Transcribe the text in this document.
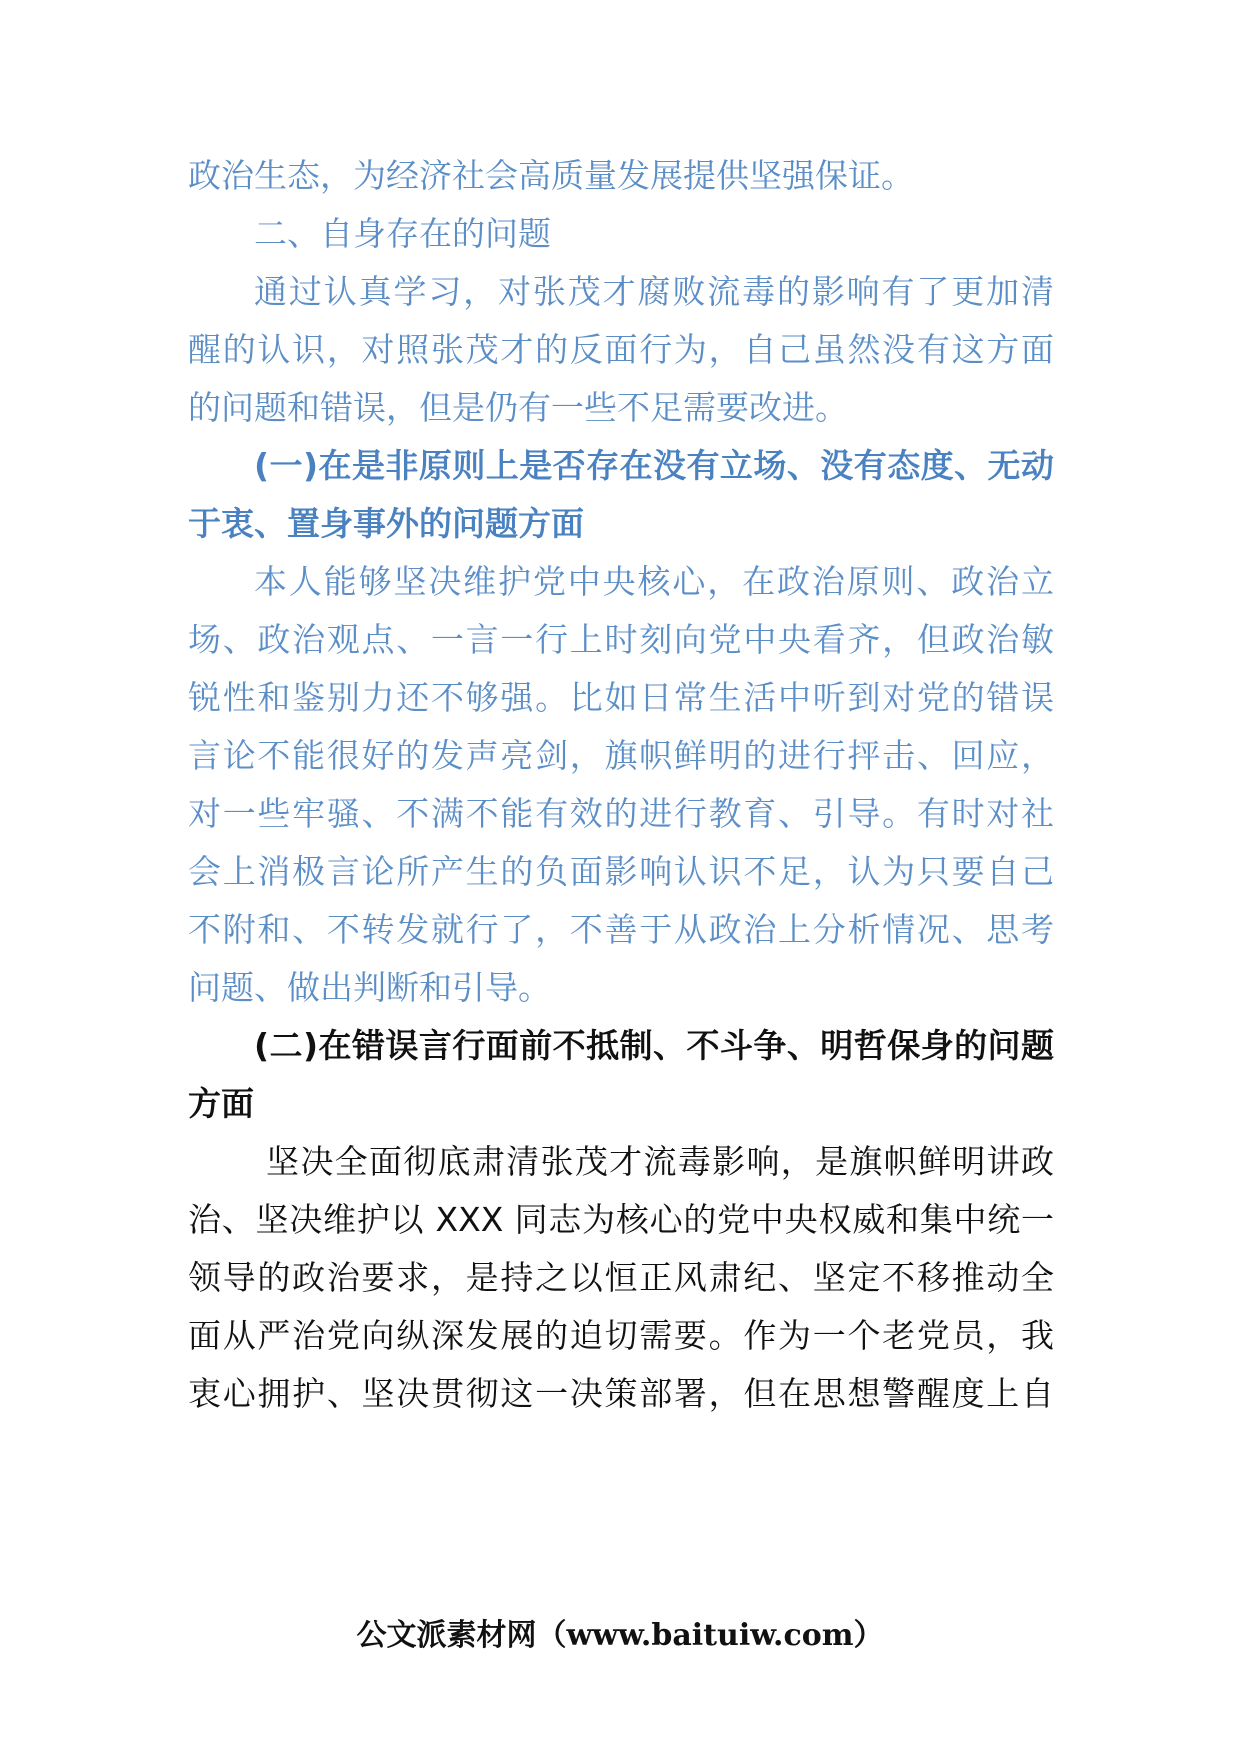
政治生态，为经济社会高质量发展提供坚强保证。
二、自身存在的问题
通过认真学习，对张茂才腐败流毒的影响有了更加清
醒的认识，对照张茂才的反面行为，自己虽然没有这方面
的问题和错误，但是仍有一些不足需要改进。
(一)在是非原则上是否存在没有立场、没有态度、无动
于衷、置身事外的问题方面
本人能够坚决维护党中央核心，在政治原则、政治立
场、政治观点、一言一行上时刻向党中央看齐，但政治敏
锐性和鉴别力还不够强。比如日常生活中听到对党的错误
言论不能很好的发声亮剑，旗帜鲜明的进行抨击、回应，
对一些牢骚、不满不能有效的进行教育、引导。有时对社
会上消极言论所产生的负面影响认识不足，认为只要自己
不附和、不转发就行了，不善于从政治上分析情况、思考
问题、做出判断和引导。
(二)在错误言行面前不抵制、不斗争、明哲保身的问题
方面
坚决全面彻底肃清张茂才流毒影响，是旗帜鲜明讲政
治、坚决维护以 XXX 同志为核心的党中央权威和集中统一
领导的政治要求，是持之以恒正风肃纪、坚定不移推动全
面从严治党向纵深发展的迫切需要。作为一个老党员，我
衷心拥护、坚决贯彻这一决策部署，但在思想警醒度上自
公文派素材网（www.baituiw.com）
